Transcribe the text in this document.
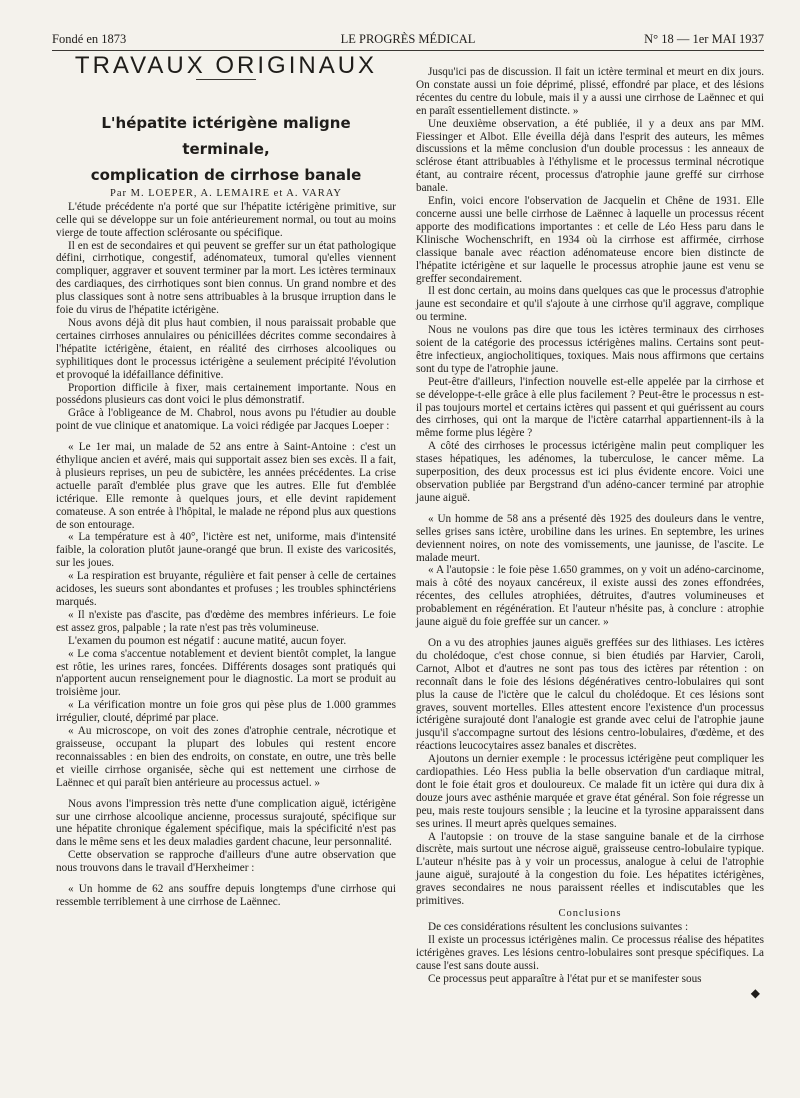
Fondé en 1873	LE PROGRÈS MÉDICAL	N° 18 — 1er MAI 1937

TRAVAUX ORIGINAUX

L'hépatite ictérigène maligne terminale,
complication de cirrhose banale

Par M. LOEPER, A. LEMAIRE et A. VARAY

L'étude précédente n'a porté que sur l'hépatite ictérigène primitive, sur celle qui se développe sur un foie antérieurement normal, ou tout au moins vierge de toute affection sclérosante ou spécifique.

Il en est de secondaires et qui peuvent se greffer sur un état pathologique défini, cirrhotique, congestif, adénomateux, tumoral qu'elles viennent compliquer, aggraver et souvent terminer par la mort. Les ictères terminaux des cardiaques, des cirrhotiques sont bien connus. Un grand nombre et des plus classiques sont à notre sens attribuables à la brusque irruption dans le foie du virus de l'hépatite ictérigène.

Nous avons déjà dit plus haut combien, il nous paraissait probable que certaines cirrhoses annulaires ou pénicillées décrites comme secondaires à l'hépatite ictérigène, étaient, en réalité des cirrhoses alcooliques ou syphilitiques dont le processus ictérigène a seulement précipité l'évolution et provoqué la idéfaillance définitive.

Proportion difficile à fixer, mais certainement importante. Nous en possédons plusieurs cas dont voici le plus démonstratif.

Grâce à l'obligeance de M. Chabrol, nous avons pu l'étudier au double point de vue clinique et anatomique. La voici rédigée par Jacques Loeper :

« Le 1er mai, un malade de 52 ans entre à Saint-Antoine : c'est un éthylique ancien et avéré, mais qui supportait assez bien ses excès. Il a fait, à plusieurs reprises, un peu de subictère, les années précédentes. La crise actuelle paraît d'emblée plus grave que les autres. Elle fut d'emblée ictérique. Elle remonte à quelques jours, et elle devint rapidement comateuse. A son entrée à l'hôpital, le malade ne répond plus aux questions de son entourage.

« La température est à 40°, l'ictère est net, uniforme, mais d'intensité faible, la coloration plutôt jaune-orangé que brun. Il existe des varicosités, sur les joues.

« La respiration est bruyante, régulière et fait penser à celle de certaines acidoses, les sueurs sont abondantes et profuses ; les troubles sphinctériens marqués.

« Il n'existe pas d'ascite, pas d'œdème des membres inférieurs. Le foie est assez gros, palpable ; la rate n'est pas très volumineuse.

L'examen du poumon est négatif : aucune matité, aucun foyer.

« Le coma s'accentue notablement et devient bientôt complet, la langue est rôtie, les urines rares, foncées. Différents dosages sont pratiqués qui n'apportent aucun renseignement pour le diagnostic. La mort se produit au troisième jour.

« La vérification montre un foie gros qui pèse plus de 1.000 grammes irrégulier, clouté, déprimé par place.

« Au microscope, on voit des zones d'atrophie centrale, nécrotique et graisseuse, occupant la plupart des lobules qui restent encore reconnaissables : en bien des endroits, on constate, en outre, une très belle et vieille cirrhose organisée, sèche qui est nettement une cirrhose de Laënnec et qui paraît bien antérieure au processus actuel. »

Nous avons l'impression très nette d'une complication aiguë, ictérigène sur une cirrhose alcoolique ancienne, processus surajouté, spécifique sur une hépatite chronique également spécifique, mais la spécificité n'est pas dans le même sens et les deux maladies gardent chacune, leur personnalité.

Cette observation se rapproche d'ailleurs d'une autre observation que nous trouvons dans le travail d'Herxheimer :

« Un homme de 62 ans souffre depuis longtemps d'une cirrhose qui ressemble terriblement à une cirrhose de Laënnec.

Jusqu'ici pas de discussion. Il fait un ictère terminal et meurt en dix jours. On constate aussi un foie déprimé, plissé, effondré par place, et des lésions récentes du centre du lobule, mais il y a aussi une cirrhose de Laënnec et qui en paraît essentiellement distincte. »

Une deuxième observation, a été publiée, il y a deux ans par MM. Fiessinger et Albot. Elle éveilla déjà dans l'esprit des auteurs, les mêmes discussions et la même conclusion d'un double processus : les anneaux de sclérose étant attribuables à l'éthylisme et le processus terminal nécrotique étant, au contraire récent, processus d'atrophie jaune greffé sur cirrhose banale.

Enfin, voici encore l'observation de Jacquelin et Chêne de 1931. Elle concerne aussi une belle cirrhose de Laënnec à laquelle un processus récent apporte des modifications importantes : et celle de Léo Hess paru dans le Klinische Wochenschrift, en 1934 où la cirrhose est affirmée, cirrhose classique banale avec réaction adénomateuse encore bien distincte de l'hépatite ictérigène et sur laquelle le processus atrophie jaune est venu se greffer secondairement.

Il est donc certain, au moins dans quelques cas que le processus d'atrophie jaune est secondaire et qu'il s'ajoute à une cirrhose qu'il aggrave, complique ou termine.

Nous ne voulons pas dire que tous les ictères terminaux des cirrhoses soient de la catégorie des processus ictérigènes malins. Certains sont peut-être infectieux, angiocholitiques, toxiques. Mais nous affirmons que certains sont du type de l'atrophie jaune.

Peut-être d'ailleurs, l'infection nouvelle est-elle appelée par la cirrhose et se développe-t-elle grâce à elle plus facilement ? Peut-être le processus n est-il pas toujours mortel et certains ictères qui passent et qui guérissent au cours des cirrhoses, qui ont la marque de l'ictère catarrhal appartiennent-ils à la même forme plus légère ?

A côté des cirrhoses le processus ictérigène malin peut compliquer les stases hépatiques, les adénomes, la tuberculose, le cancer même. La superposition, des deux processus est ici plus évidente encore. Voici une observation publiée par Bergstrand d'un adéno-cancer terminé par atrophie jaune aiguë.

« Un homme de 58 ans a présenté dès 1925 des douleurs dans le ventre, selles grises sans ictère, urobiline dans les urines. En septembre, les urines deviennent noires, on note des vomissements, une jaunisse, de l'ascite. Le malade meurt.

« A l'autopsie : le foie pèse 1.650 grammes, on y voit un adéno-carcinome, mais à côté des noyaux cancéreux, il existe aussi des zones effondrées, récentes, des cellules atrophiées, détruites, d'autres volumineuses et probablement en régénération. Et l'auteur n'hésite pas, à conclure : atrophie jaune aiguë du foie greffée sur un cancer. »

On a vu des atrophies jaunes aiguës greffées sur des lithiases. Les ictères du cholédoque, c'est chose connue, si bien étudiés par Harvier, Caroli, Carnot, Albot et d'autres ne sont pas tous des ictères par rétention : on reconnaît dans le foie des lésions dégénératives centro-lobulaires qui sont plus la cause de l'ictère que le calcul du cholédoque. Et ces lésions sont graves, souvent mortelles. Elles attestent encore l'existence d'un processus ictérigène surajouté dont l'analogie est grande avec celui de l'atrophie jaune jusqu'il s'accompagne surtout des lésions centro-lobulaires, d'œdème, et des réactions leucocytaires assez banales et discrètes.

Ajoutons un dernier exemple : le processus ictérigène peut compliquer les cardiopathies. Léo Hess publia la belle observation d'un cardiaque mitral, dont le foie était gros et douloureux. Ce malade fit un ictère qui dura dix à douze jours avec asthénie marquée et grave état général. Son foie régresse un peu, mais reste toujours sensible ; la leucine et la tyrosine apparaissent dans ses urines. Il meurt après quelques semaines.

A l'autopsie : on trouve de la stase sanguine banale et de la cirrhose discrète, mais surtout une nécrose aiguë, graisseuse centro-lobulaire typique. L'auteur n'hésite pas à y voir un processus, analogue à celui de l'atrophie jaune aiguë, surajouté à la congestion du foie. Les hépatites ictérigènes, graves secondaires ne nous paraissent réelles et indiscutables que les primitives.

Conclusions

De ces considérations résultent les conclusions suivantes :

Il existe un processus ictérigènes malin. Ce processus réalise des hépatites ictérigènes graves. Les lésions centro-lobulaires sont presque spécifiques. La cause l'est sans doute aussi.

Ce processus peut apparaître à l'état pur et se manifester sous

◆
